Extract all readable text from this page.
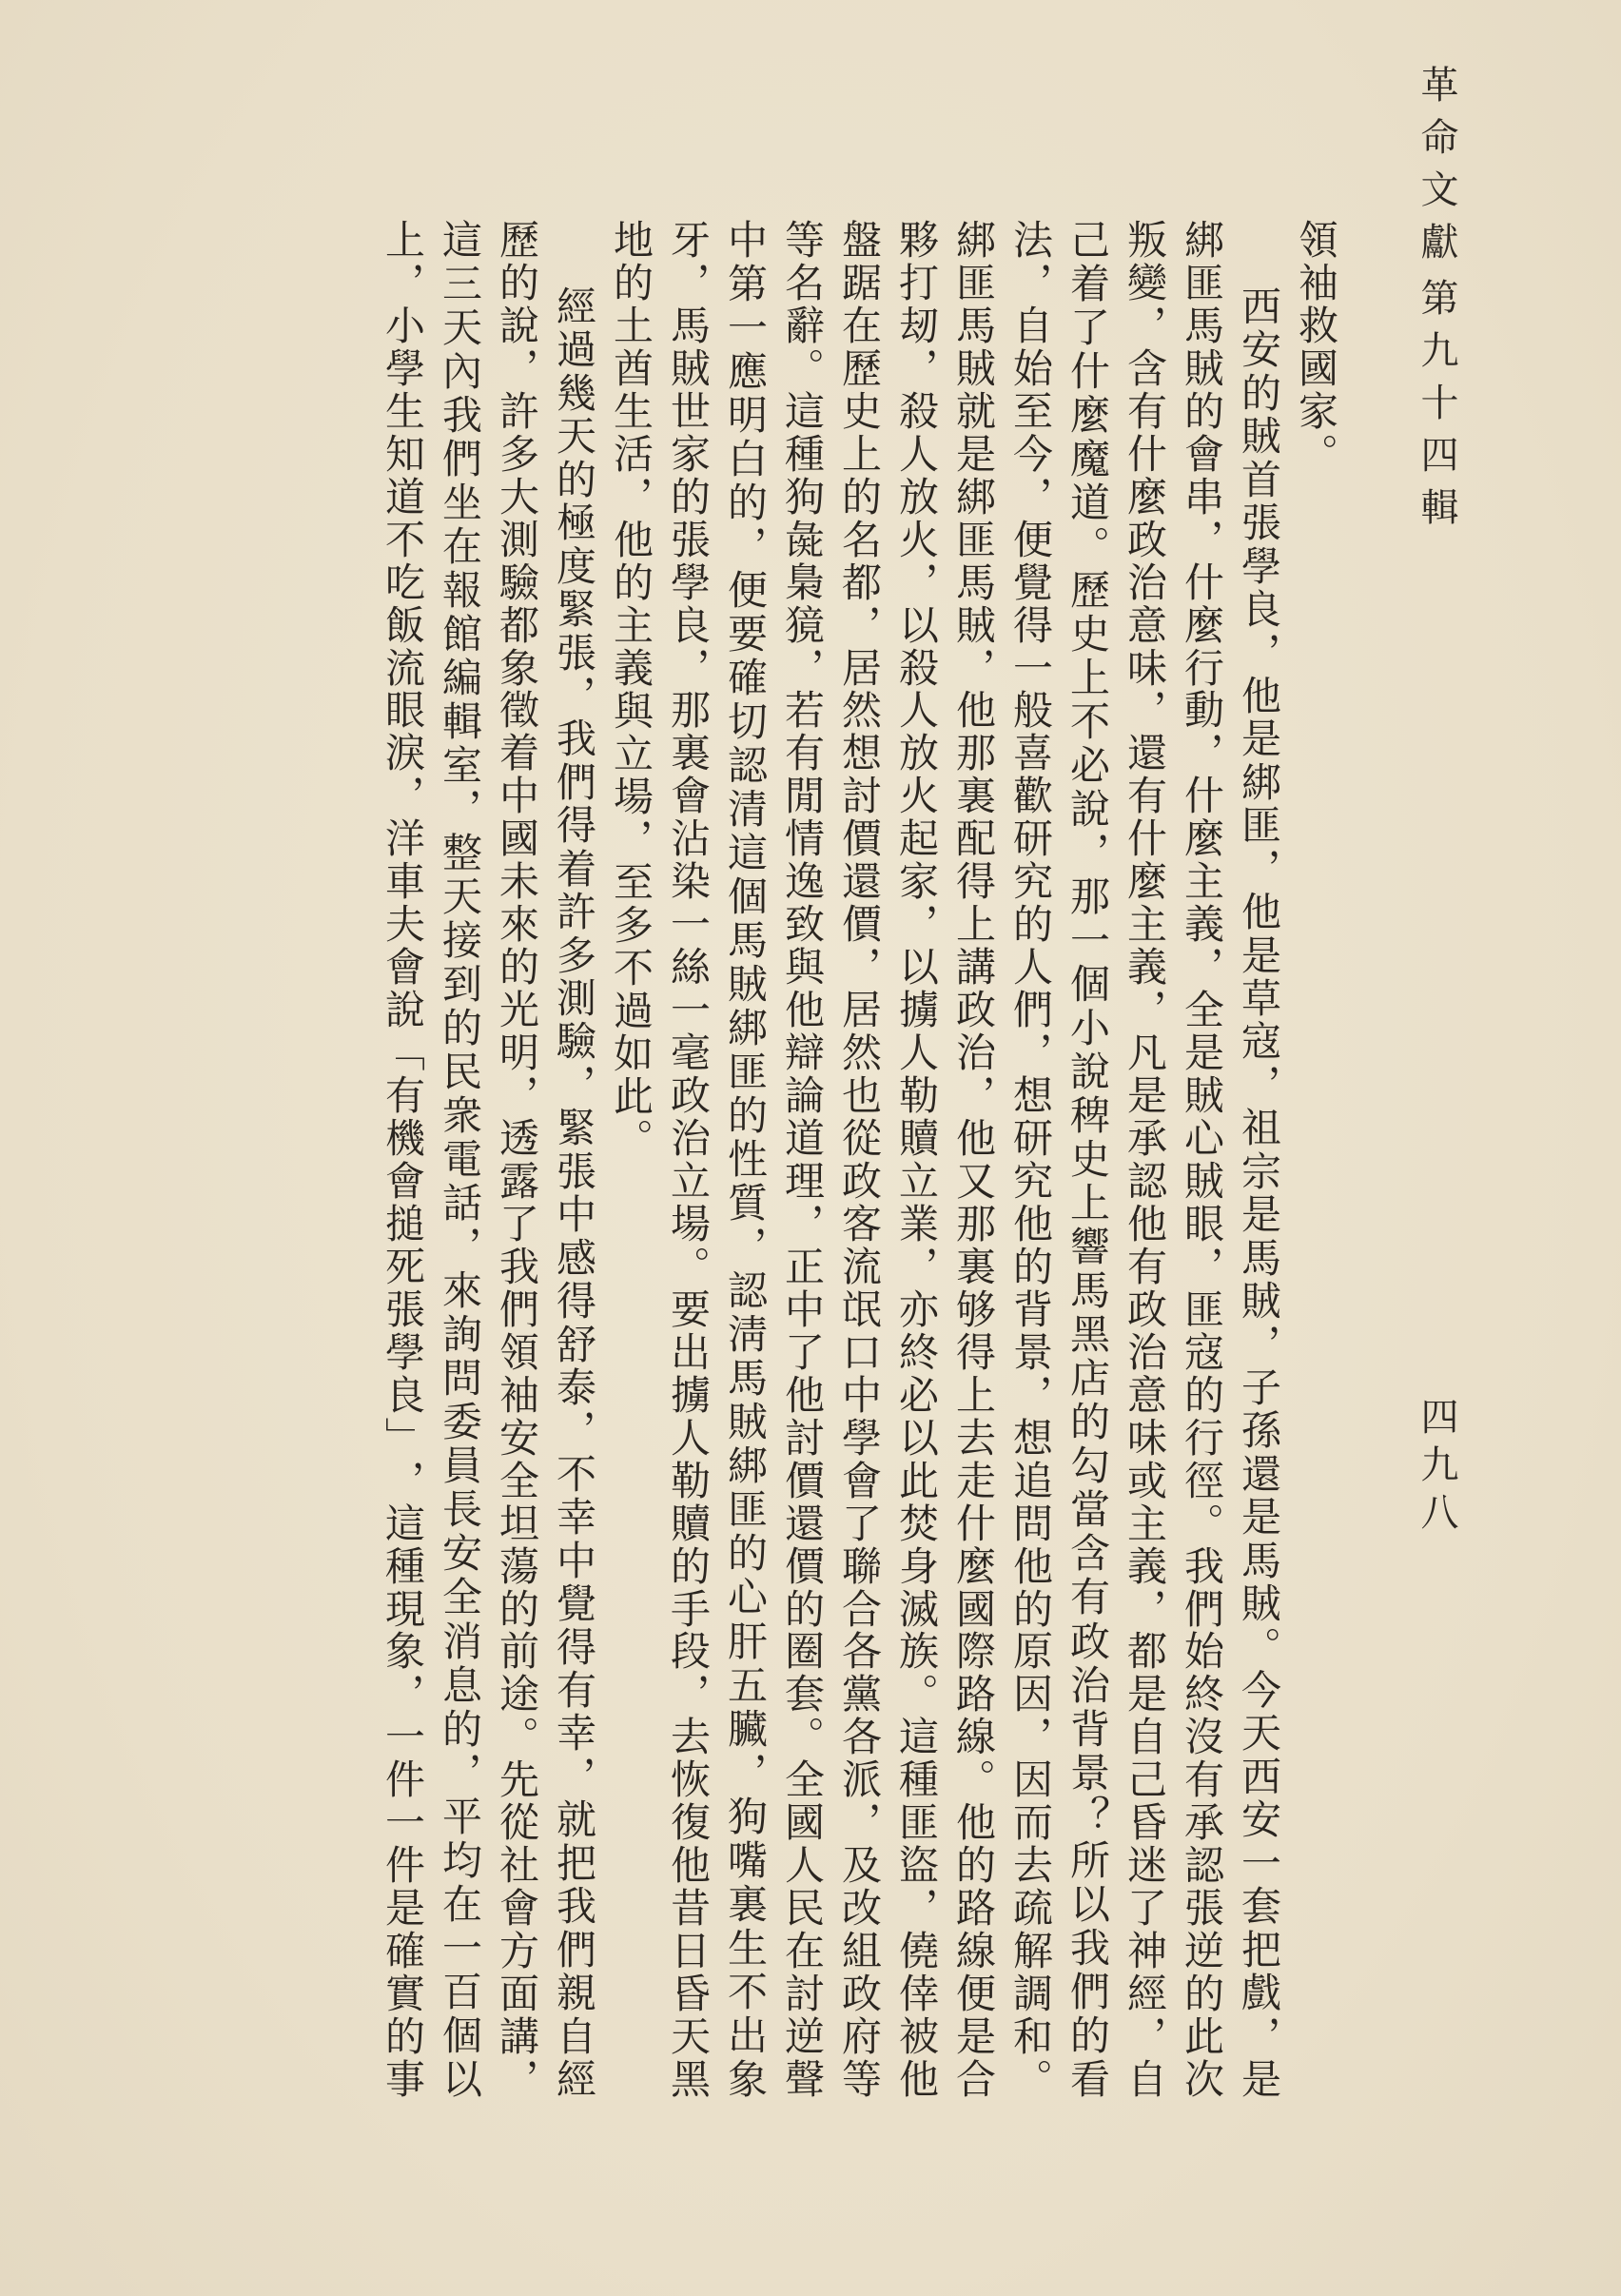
革命文獻
第九十四輯
四九八
領
袖
救
國
家
。
西
安
的
賊
首
張
學
良
，
他
是
綁
匪
，
他
是
草
寇
，
祖
宗
是
馬
賊
，
子
孫
還
是
馬
賊
。
今
天
西
安
一
套
把
戲
，
是
綁
匪
馬
賊
的
會
串
，
什
麼
行
動
，
什
麼
主
義
，
全
是
賊
心
賊
眼
，
匪
寇
的
行
徑
。
我
們
始
終
沒
有
承
認
張
逆
的
此
次
叛
變
，
含
有
什
麼
政
治
意
味
，
還
有
什
麼
主
義
，
凡
是
承
認
他
有
政
治
意
味
或
主
義
，
都
是
自
己
昏
迷
了
神
經
，
自
己
着
了
什
麼
魔
道
。
歷
史
上
不
必
說
，
那
一
個
小
說
稗
史
上
響
馬
黑
店
的
勾
當
含
有
政
治
背
景
？
所
以
我
們
的
看
法
，
自
始
至
今
，
便
覺
得
一
般
喜
歡
研
究
的
人
們
，
想
研
究
他
的
背
景
，
想
追
問
他
的
原
因
，
因
而
去
疏
解
調
和
。
綁
匪
馬
賊
就
是
綁
匪
馬
賊
，
他
那
裏
配
得
上
講
政
治
，
他
又
那
裏
够
得
上
去
走
什
麼
國
際
路
線
。
他
的
路
線
便
是
合
夥
打
刼
，
殺
人
放
火
，
以
殺
人
放
火
起
家
，
以
擄
人
勒
贖
立
業
，
亦
終
必
以
此
焚
身
滅
族
。
這
種
匪
盜
，
僥
倖
被
他
盤
踞
在
歷
史
上
的
名
都
，
居
然
想
討
價
還
價
，
居
然
也
從
政
客
流
氓
口
中
學
會
了
聯
合
各
黨
各
派
，
及
改
組
政
府
等
等
名
辭
。
這
種
狗
彘
梟
獍
，
若
有
閒
情
逸
致
與
他
辯
論
道
理
，
正
中
了
他
討
價
還
價
的
圈
套
。
全
國
人
民
在
討
逆
聲
中
第
一
應
明
白
的
，
便
要
確
切
認
清
這
個
馬
賊
綁
匪
的
性
質
，
認
淸
馬
賊
綁
匪
的
心
肝
五
臟
，
狗
嘴
裏
生
不
出
象
牙
，
馬
賊
世
家
的
張
學
良
，
那
裏
會
沾
染
一
絲
一
毫
政
治
立
場
。
要
出
擄
人
勒
贖
的
手
段
，
去
恢
復
他
昔
日
昏
天
黑
地
的
土
酋
生
活
，
他
的
主
義
與
立
場
，
至
多
不
過
如
此
。
經
過
幾
天
的
極
度
緊
張
，
我
們
得
着
許
多
測
驗
，
緊
張
中
感
得
舒
泰
，
不
幸
中
覺
得
有
幸
，
就
把
我
們
親
自
經
歷
的
說
，
許
多
大
測
驗
都
象
徵
着
中
國
未
來
的
光
明
，
透
露
了
我
們
領
袖
安
全
坦
蕩
的
前
途
。
先
從
社
會
方
面
講
，
這
三
天
內
我
們
坐
在
報
館
編
輯
室
，
整
天
接
到
的
民
衆
電
話
，
來
詢
問
委
員
長
安
全
消
息
的
，
平
均
在
一
百
個
以
上
，
小
學
生
知
道
不
吃
飯
流
眼
淚
，
洋
車
夫
會
說
「
有
機
會
搥
死
張
學
良
」
，
這
種
現
象
，
一
件
一
件
是
確
實
的
事
